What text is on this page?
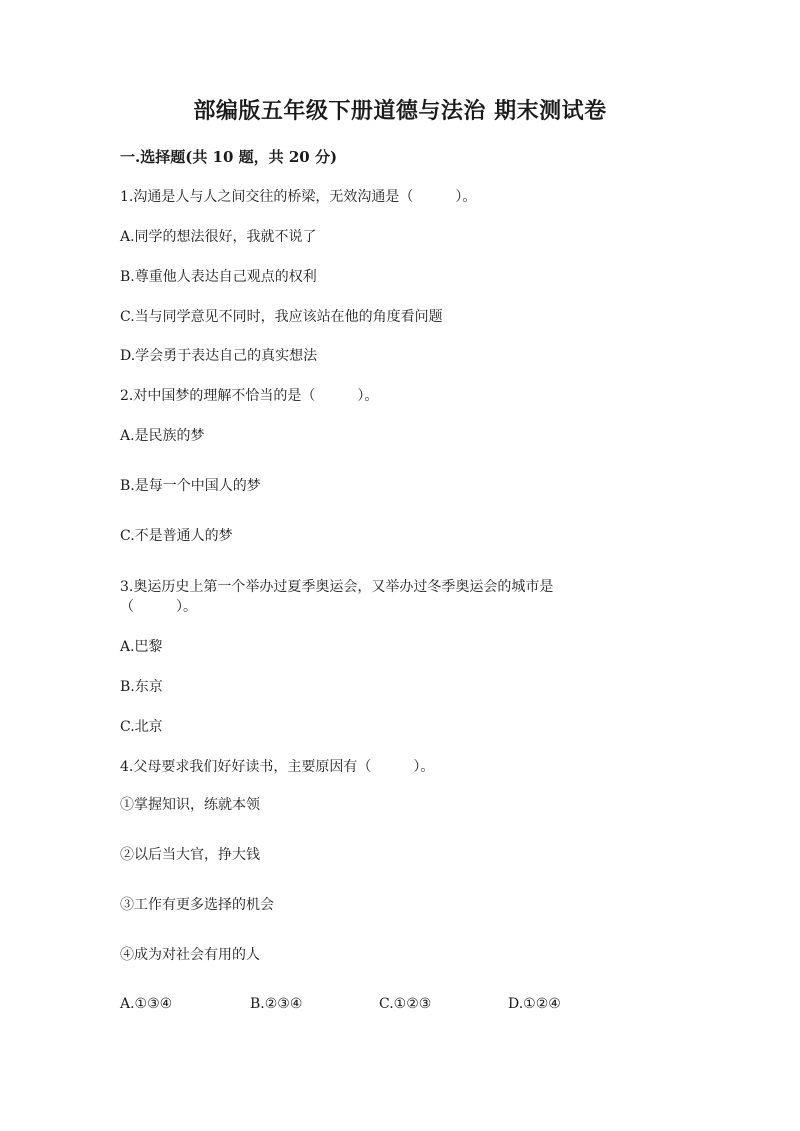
部编版五年级下册道德与法治 期末测试卷
一.选择题(共 10 题，共 20 分)
1.沟通是人与人之间交往的桥梁，无效沟通是（　　　）。
A.同学的想法很好，我就不说了
B.尊重他人表达自己观点的权利
C.当与同学意见不同时，我应该站在他的角度看问题
D.学会勇于表达自己的真实想法
2.对中国梦的理解不恰当的是（　　　）。
A.是民族的梦
B.是每一个中国人的梦
C.不是普通人的梦
3.奥运历史上第一个举办过夏季奥运会，又举办过冬季奥运会的城市是
（　　　）。
A.巴黎
B.东京
C.北京
4.父母要求我们好好读书，主要原因有（　　　）。
①掌握知识，练就本领
②以后当大官，挣大钱
③工作有更多选择的机会
④成为对社会有用的人
A.①③④	B.②③④	C.①②③	D.①②④
